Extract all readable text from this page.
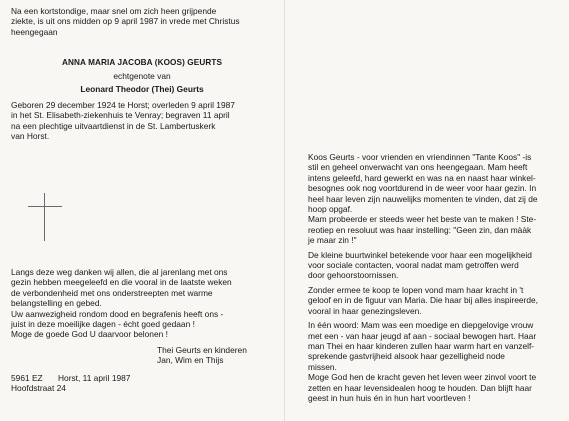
Na een kortstondige, maar snel om zich heen grijpende
ziekte, is uit ons midden op 9 april 1987 in vrede met Christus
heengegaan
ANNA MARIA JACOBA (KOOS) GEURTS
echtgenote van
Leonard Theodor (Thei) Geurts
Geboren 29 december 1924 te Horst; overleden 9 april 1987
in het St. Elisabeth-ziekenhuis te Venray; begraven 11 april
na een plechtige uitvaartdienst in de St. Lambertuskerk
van Horst.
Langs deze weg danken wij allen, die al jarenlang met ons
gezin hebben meegeleefd en die vooral in de laatste weken
de verbondenheid met ons onderstreepten met warme
belangstelling en gebed.
Uw aanwezigheid rondom dood en begrafenis heeft ons -
juist in deze moeilijke dagen - écht goed gedaan !
Moge de goede God U daarvoor belonen !
Thei Geurts en kinderen
Jan, Wim en Thijs
5961 EZ	Horst, 11 april 1987
Hoofdstraat 24
Koos Geurts - voor vrienden en vriendinnen "Tante Koos" -is
stil en geheel onverwacht van ons heengegaan. Mam heeft
intens geleefd, hard gewerkt en was na en naast haar winkel-
besognes ook nog voortdurend in de weer voor haar gezin. In
heel haar leven zijn nauwelijks momenten te vinden, dat zij de
hoop opgaf.
Mam probeerde er steeds weer het beste van te maken ! Ste-
reotiep en resoluut was haar instelling: "Geen zin, dan mààk
je maar zin !"
De kleine buurtwinkel betekende voor haar een mogelijkheid
voor sociale contacten, vooral nadat mam getroffen werd
door gehoorstoornissen.
Zonder ermee te koop te lopen vond mam haar kracht in 't
geloof en in de figuur van Maria. Die haar bij alles inspireerde,
vooral in haar genezingsleven.
In één woord: Mam was een moedige en diepgelovige vrouw
met een - van haar jeugd af aan - sociaal bewogen hart. Haar
man Thei en haar kinderen zullen haar warm hart en vanzelf-
sprekende gastvrijheid alsook haar gezelligheid node
missen.
Moge God hen de kracht geven het leven weer zinvol voort te
zetten en haar levensidealen hoog te houden. Dan blijft haar
geest in hun huis én in hun hart voortleven !
